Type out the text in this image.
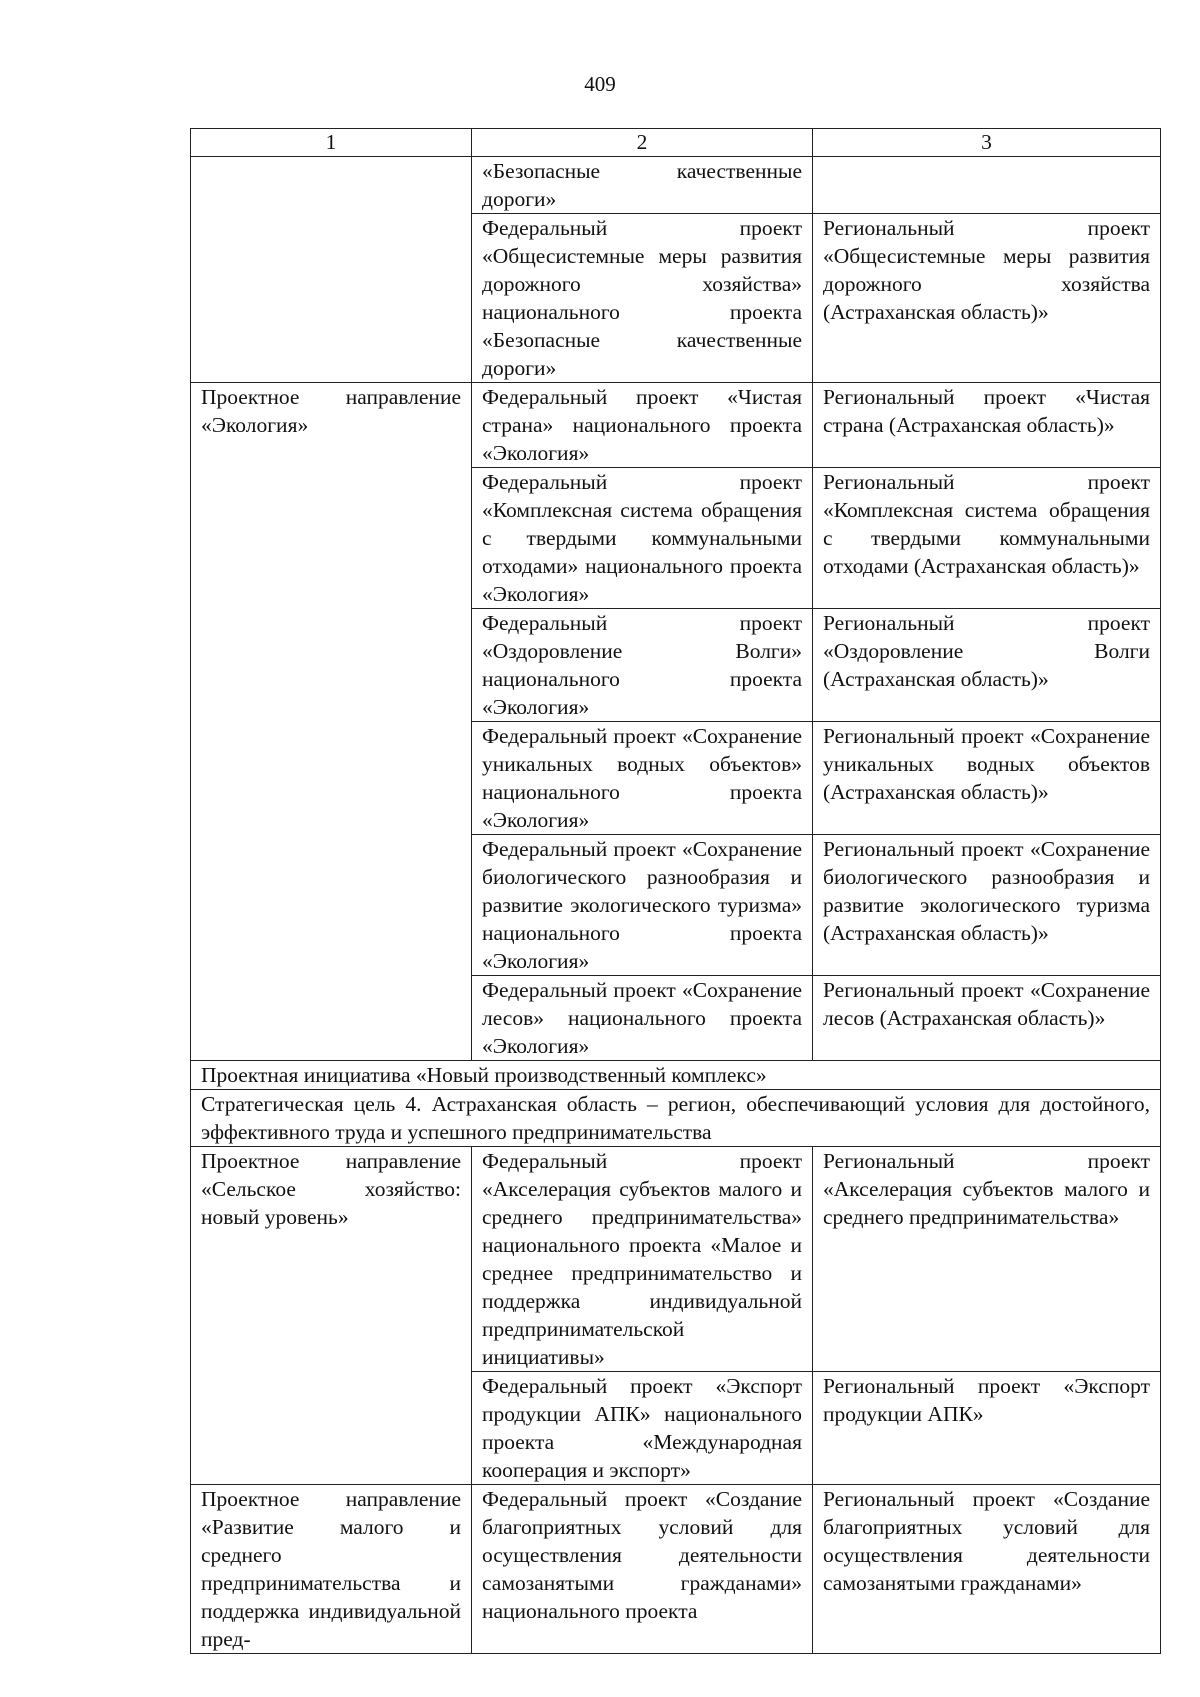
409
1	2	3
	«Безопасные качественные дороги»	
	Федеральный проект «Общесистемные меры развития дорожного хозяйства» национального проекта «Безопасные качественные дороги»	Региональный проект «Общесистемные меры развития дорожного хозяйства (Астраханская область)»
Проектное направление «Экология»	Федеральный проект «Чистая страна» национального проекта «Экология»	Региональный проект «Чистая страна (Астраханская область)»
	Федеральный проект «Комплексная система обращения с твердыми коммунальными отходами» национального проекта «Экология»	Региональный проект «Комплексная система обращения с твердыми коммунальными отходами (Астраханская область)»
	Федеральный проект «Оздоровление Волги» национального проекта «Экология»	Региональный проект «Оздоровление Волги (Астраханская область)»
	Федеральный проект «Сохранение уникальных водных объектов» национального проекта «Экология»	Региональный проект «Сохранение уникальных водных объектов (Астраханская область)»
	Федеральный проект «Сохранение биологического разнообразия и развитие экологического туризма» национального проекта «Экология»	Региональный проект «Сохранение биологического разнообразия и развитие экологического туризма (Астраханская область)»
	Федеральный проект «Сохранение лесов» национального проекта «Экология»	Региональный проект «Сохранение лесов (Астраханская область)»
Проектная инициатива «Новый производственный комплекс»		
Стратегическая цель 4. Астраханская область – регион, обеспечивающий условия для достойного, эффективного труда и успешного предпринимательства		
Проектное направление «Сельское хозяйство: новый уровень»	Федеральный проект «Акселерация субъектов малого и среднего предпринимательства» национального проекта «Малое и среднее предпринимательство и поддержка индивидуальной предпринимательской инициативы»	Региональный проект «Акселерация субъектов малого и среднего предпринимательства»
	Федеральный проект «Экспорт продукции АПК» национального проекта «Международная кооперация и экспорт»	Региональный проект «Экспорт продукции АПК»
Проектное направление «Развитие малого и среднего предпринимательства и поддержка индивидуальной пред-	Федеральный проект «Создание благоприятных условий для осуществления деятельности самозанятыми гражданами» национального проекта	Региональный проект «Создание благоприятных условий для осуществления деятельности самозанятыми гражданами»
